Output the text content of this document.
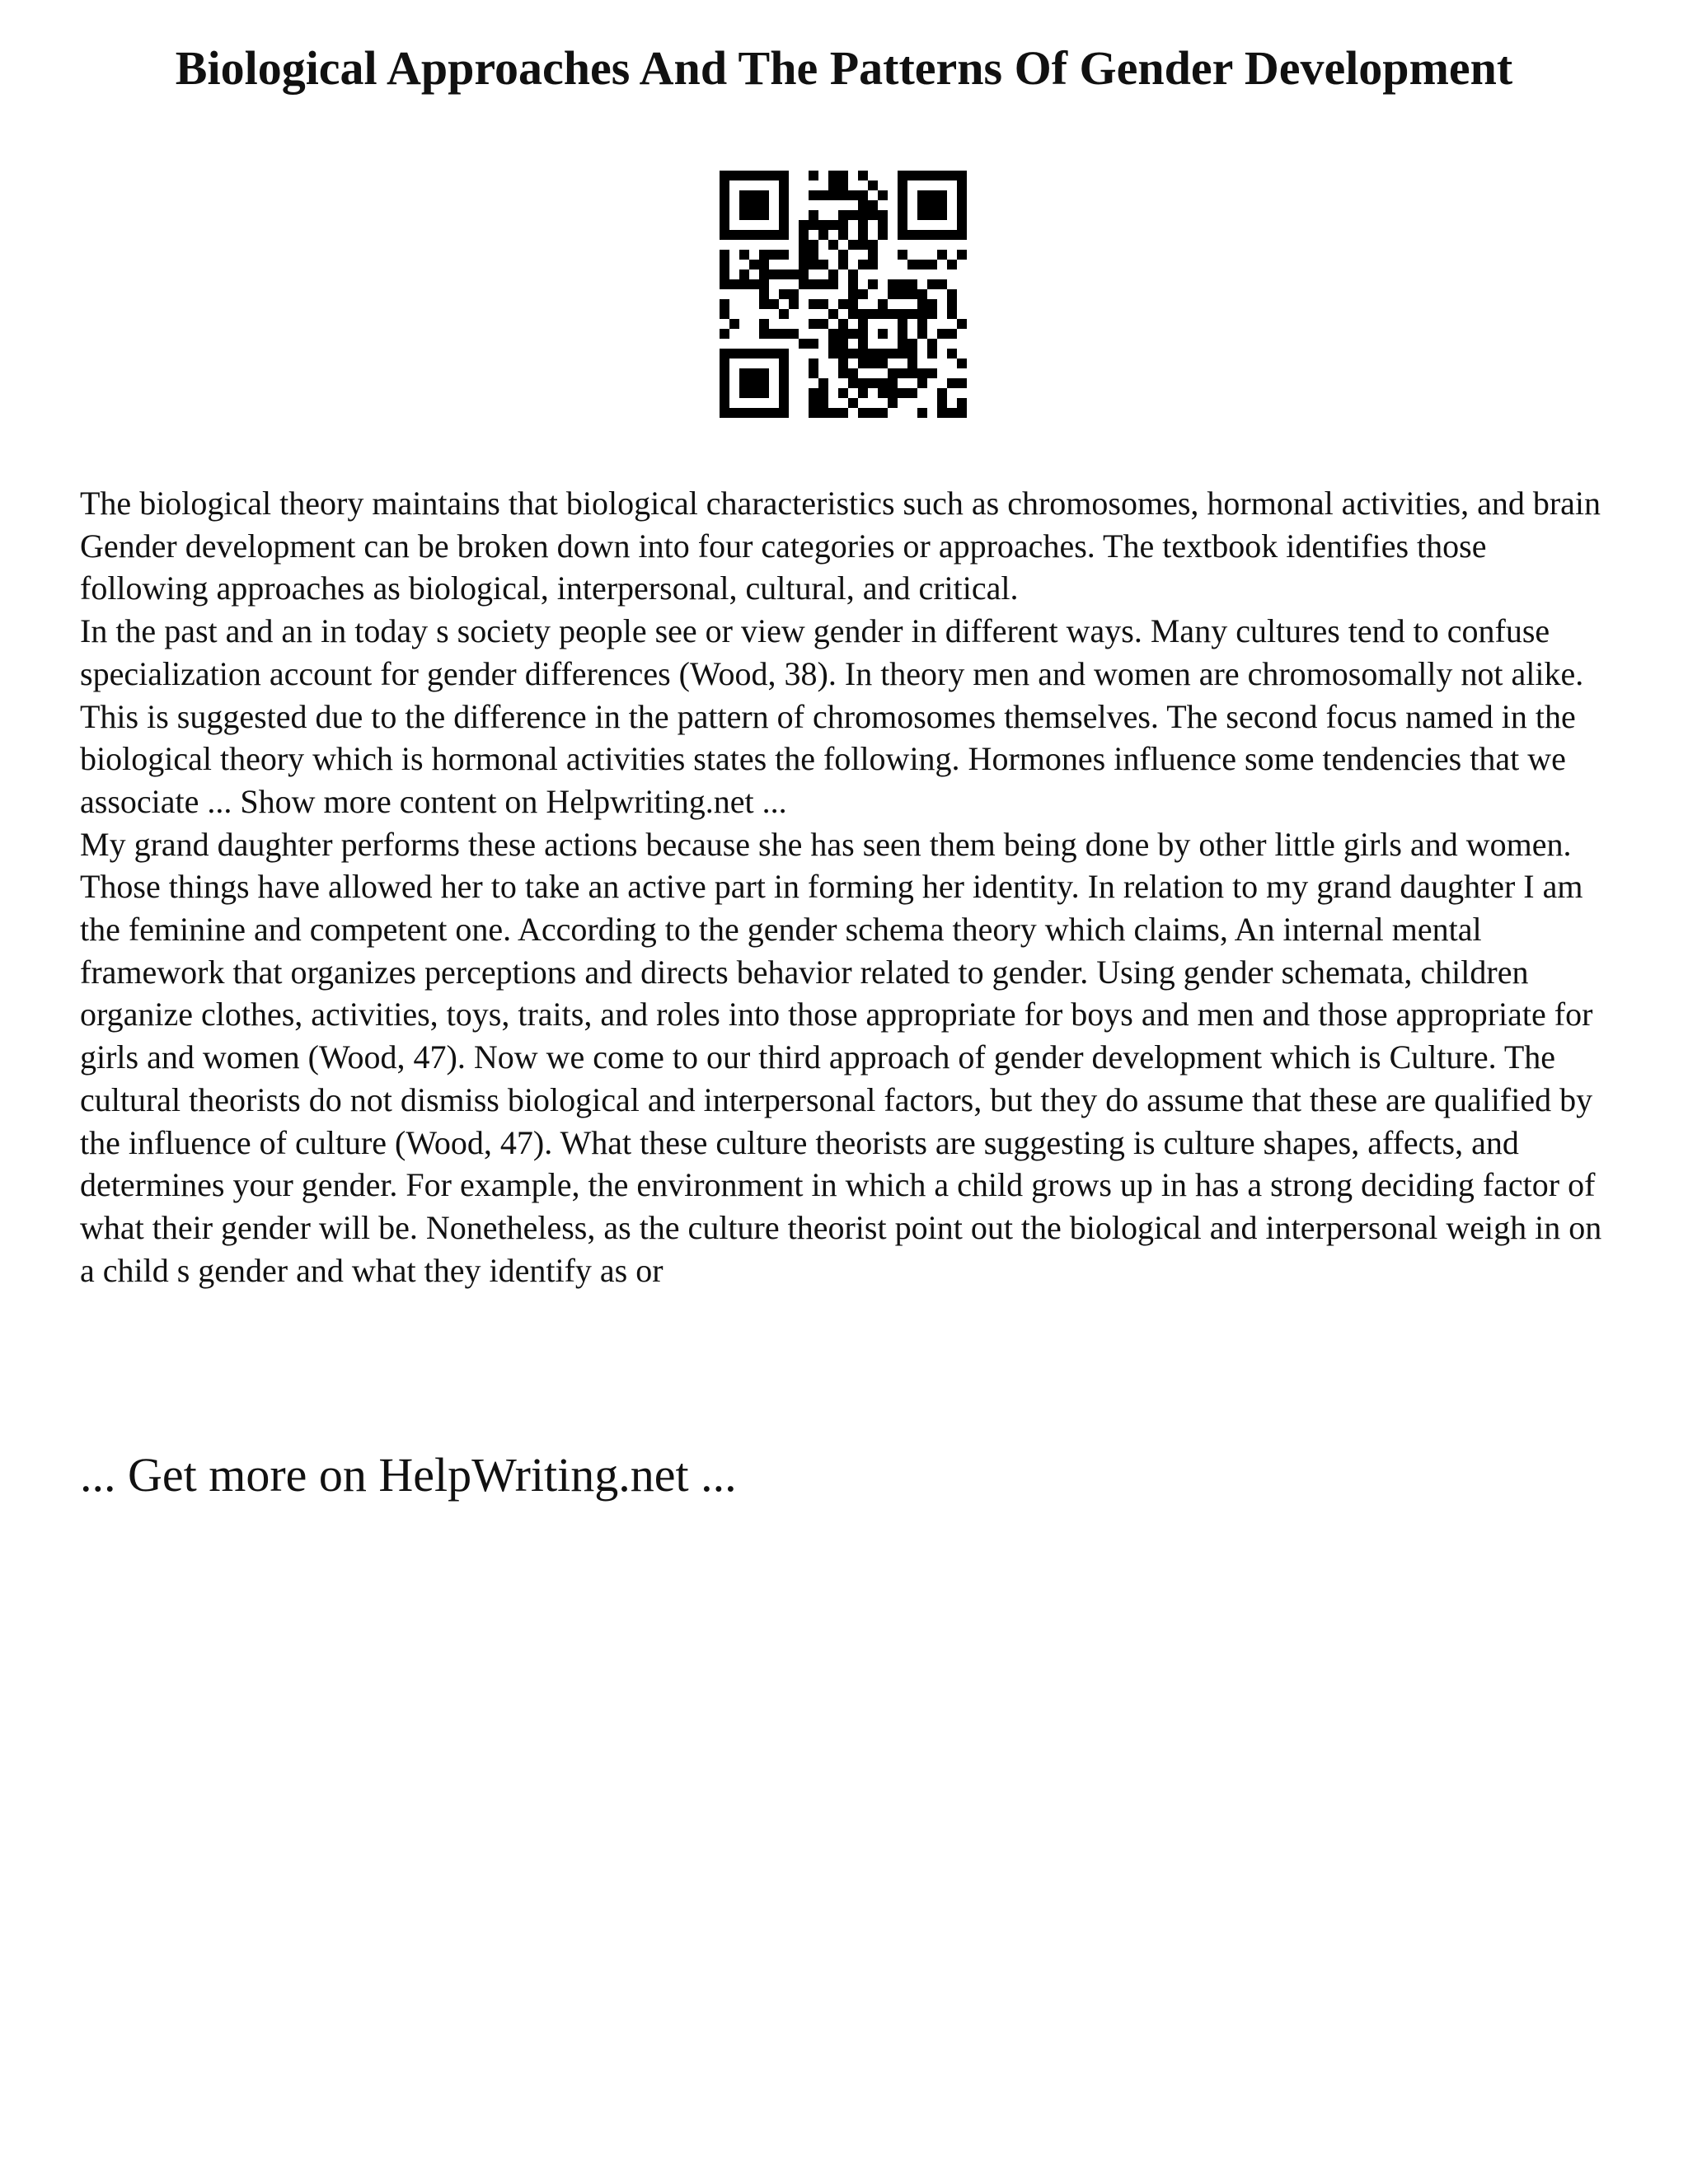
Biological Approaches And The Patterns Of Gender Development

The biological theory maintains that biological characteristics such as chromosomes, hormonal activities, and brain Gender development can be broken down into four categories or approaches. The textbook identifies those following approaches as biological, interpersonal, cultural, and critical.

In the past and an in today s society people see or view gender in different ways. Many cultures tend to confuse specialization account for gender differences (Wood, 38). In theory men and women are chromosomally not alike. This is suggested due to the difference in the pattern of chromosomes themselves. The second focus named in the biological theory which is hormonal activities states the following. Hormones influence some tendencies that we associate ... Show more content on Helpwriting.net ...

My grand daughter performs these actions because she has seen them being done by other little girls and women. Those things have allowed her to take an active part in forming her identity. In relation to my grand daughter I am the feminine and competent one. According to the gender schema theory which claims, An internal mental framework that organizes perceptions and directs behavior related to gender. Using gender schemata, children organize clothes, activities, toys, traits, and roles into those appropriate for boys and men and those appropriate for girls and women (Wood, 47). Now we come to our third approach of gender development which is Culture. The cultural theorists do not dismiss biological and interpersonal factors, but they do assume that these are qualified by the influence of culture (Wood, 47). What these culture theorists are suggesting is culture shapes, affects, and determines your gender. For example, the environment in which a child grows up in has a strong deciding factor of what their gender will be. Nonetheless, as the culture theorist point out the biological and interpersonal weigh in on a child s gender and what they identify as or

... Get more on HelpWriting.net ...
